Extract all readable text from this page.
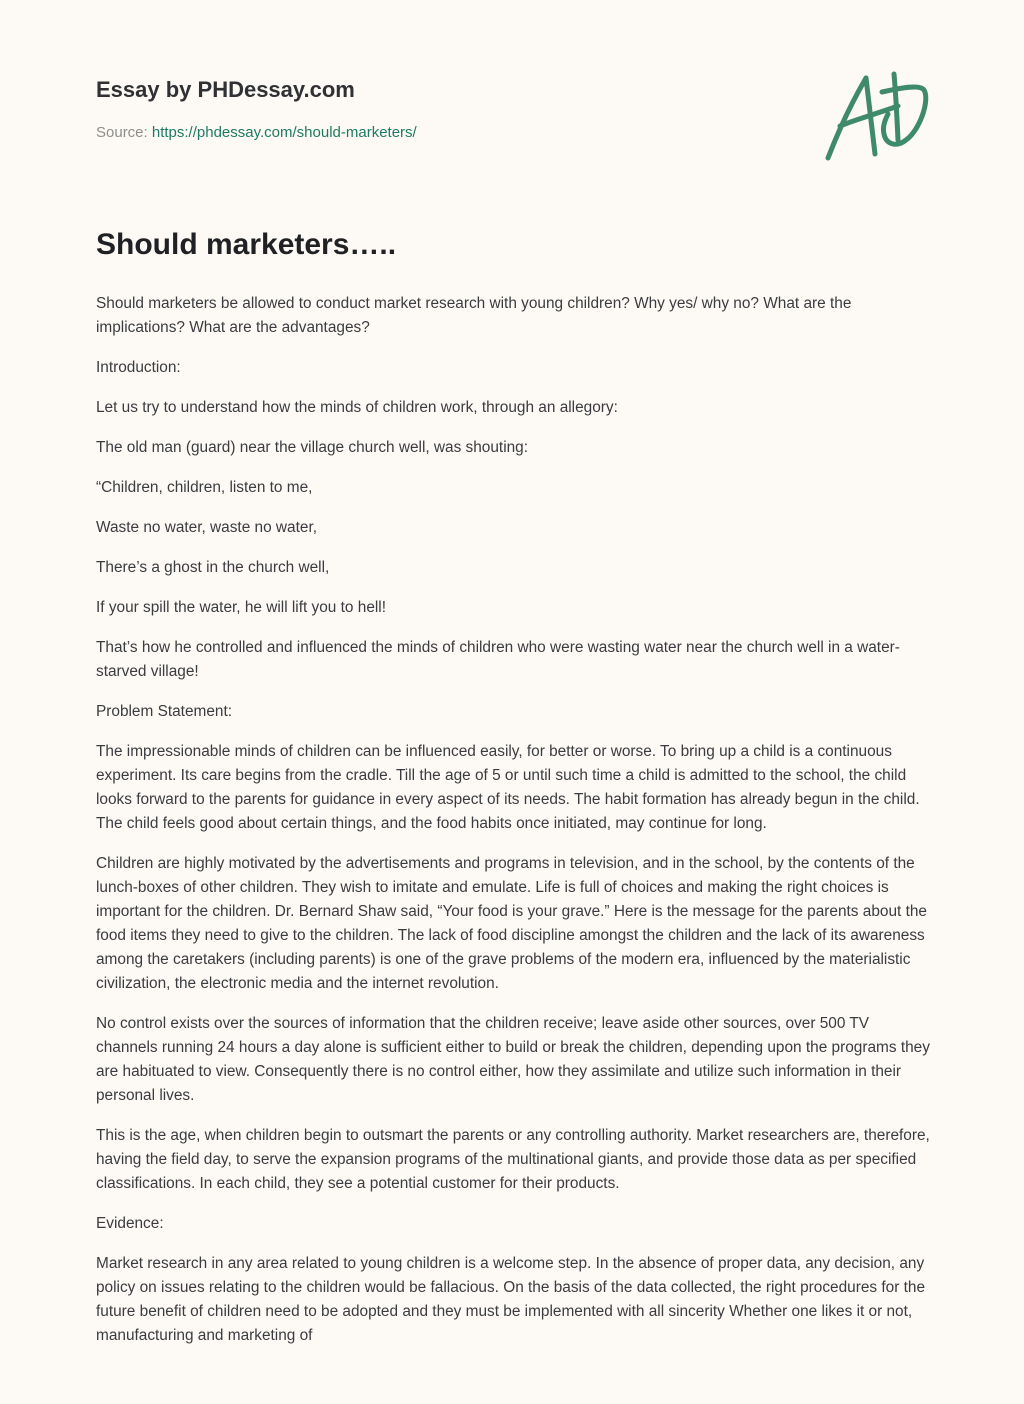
Essay by PHDessay.com
Source: https://phdessay.com/should-marketers/
Should marketers…..

Should marketers be allowed to conduct market research with young children? Why yes/ why no? What are the implications? What are the advantages?

Introduction:

Let us try to understand how the minds of children work, through an allegory:

The old man (guard) near the village church well, was shouting:

“Children, children, listen to me,

Waste no water, waste no water,

There’s a ghost in the church well,

If your spill the water, he will lift you to hell!

That’s how he controlled and influenced the minds of children who were wasting water near the church well in a water-starved village!

Problem Statement:

The impressionable minds of children can be influenced easily, for better or worse. To bring up a child is a continuous experiment. Its care begins from the cradle. Till the age of 5 or until such time a child is admitted to the school, the child looks forward to the parents for guidance in every aspect of its needs. The habit formation has already begun in the child. The child feels good about certain things, and the food habits once initiated, may continue for long.

Children are highly motivated by the advertisements and programs in television, and in the school, by the contents of the lunch-boxes of other children. They wish to imitate and emulate. Life is full of choices and making the right choices is important for the children. Dr. Bernard Shaw said, “Your food is your grave.” Here is the message for the parents about the food items they need to give to the children. The lack of food discipline amongst the children and the lack of its awareness among the caretakers (including parents) is one of the grave problems of the modern era, influenced by the materialistic civilization, the electronic media and the internet revolution.

No control exists over the sources of information that the children receive; leave aside other sources, over 500 TV channels running 24 hours a day alone is sufficient either to build or break the children, depending upon the programs they are habituated to view. Consequently there is no control either, how they assimilate and utilize such information in their personal lives.

This is the age, when children begin to outsmart the parents or any controlling authority. Market researchers are, therefore, having the field day, to serve the expansion programs of the multinational giants, and provide those data as per specified classifications. In each child, they see a potential customer for their products.

Evidence:

Market research in any area related to young children is a welcome step. In the absence of proper data, any decision, any policy on issues relating to the children would be fallacious. On the basis of the data collected, the right procedures for the future benefit of children need to be adopted and they must be implemented with all sincerity Whether one likes it or not, manufacturing and marketing of
